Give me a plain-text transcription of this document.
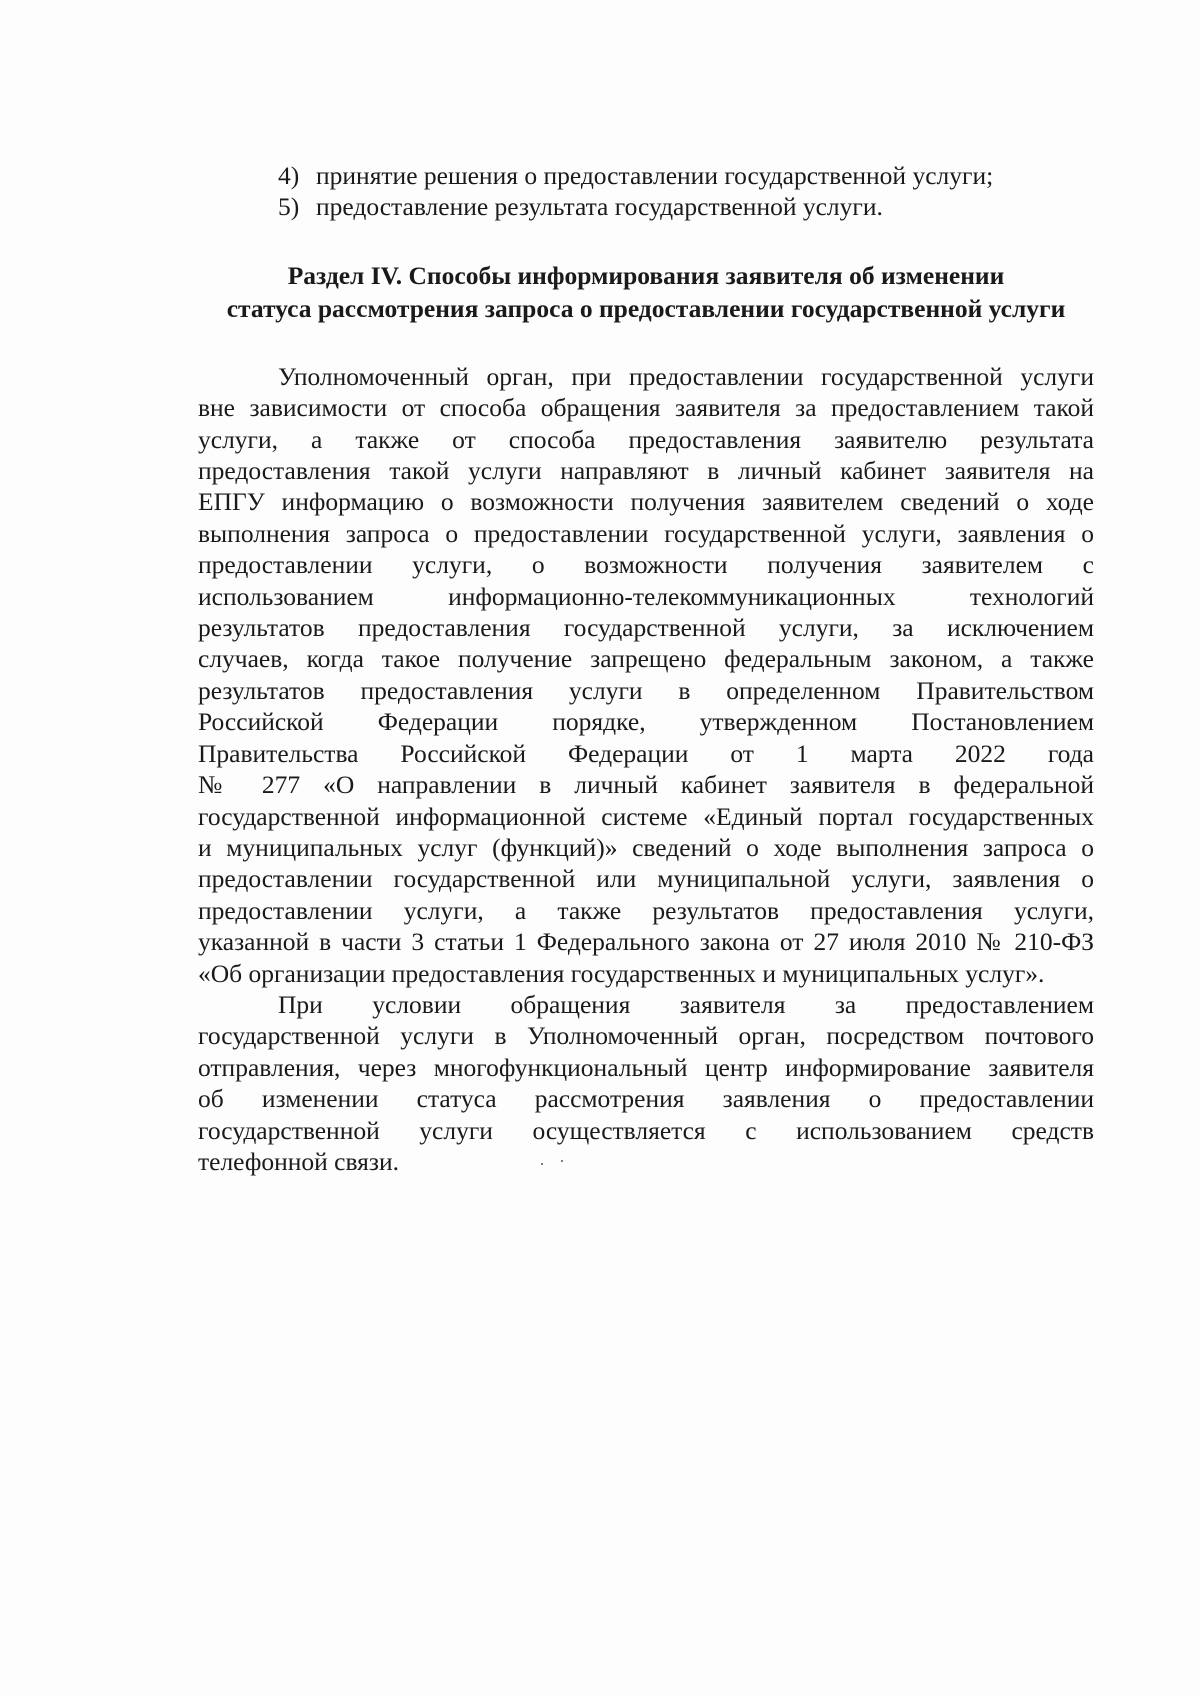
4) принятие решения о предоставлении государственной услуги;
5) предоставление результата государственной услуги.
Раздел IV. Способы информирования заявителя об изменении
статуса рассмотрения запроса о предоставлении государственной услуги
Уполномоченный орган, при предоставлении государственной услуги
вне зависимости от способа обращения заявителя за предоставлением такой
услуги, а также от способа предоставления заявителю результата
предоставления такой услуги направляют в личный кабинет заявителя на
ЕПГУ информацию о возможности получения заявителем сведений о ходе
выполнения запроса о предоставлении государственной услуги, заявления о
предоставлении услуги, о возможности получения заявителем с
использованием информационно-телекоммуникационных технологий
результатов предоставления государственной услуги, за исключением
случаев, когда такое получение запрещено федеральным законом, а также
результатов предоставления услуги в определенном Правительством
Российской Федерации порядке, утвержденном Постановлением
Правительства Российской Федерации от 1 марта 2022 года
№ 277 «О направлении в личный кабинет заявителя в федеральной
государственной информационной системе «Единый портал государственных
и муниципальных услуг (функций)» сведений о ходе выполнения запроса о
предоставлении государственной или муниципальной услуги, заявления о
предоставлении услуги, а также результатов предоставления услуги,
указанной в части 3 статьи 1 Федерального закона от 27 июля 2010 № 210-ФЗ
«Об организации предоставления государственных и муниципальных услуг».
При условии обращения заявителя за предоставлением
государственной услуги в Уполномоченный орган, посредством почтового
отправления, через многофункциональный центр информирование заявителя
об изменении статуса рассмотрения заявления о предоставлении
государственной услуги осуществляется с использованием средств
телефонной связи.
